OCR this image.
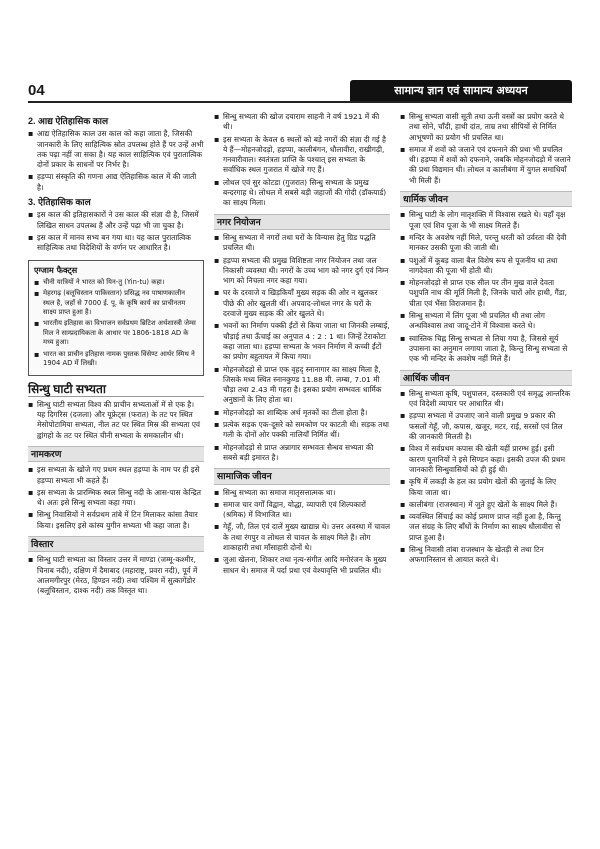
04	सामान्य ज्ञान एवं सामान्य अध्ययन
2. आद्य ऐतिहासिक काल
▪ आद्य ऐतिहासिक काल उस काल को कहा जाता है, जिसकी जानकारी के लिए साहित्यिक स्रोत उपलब्ध होते हैं पर उन्हें अभी तक पढ़ा नहीं जा सका है। यह काल साहित्यिक एवं पुरातात्विक दोनों प्रकार के साधनों पर निर्भर है।
▪ हड़प्पा संस्कृति की गणना आद्य ऐतिहासिक काल में की जाती है।
3. ऐतिहासिक काल
▪ इस काल की इतिहासकारों ने उस काल की संज्ञा दी है, जिसमें लिखित साधन उपलब्ध हैं और उन्हें पढ़ा भी जा चुका है।
▪ इस काल में मानव सभ्य बन गया था। यह काल पुरातात्विक साहित्यिक तथा विदेशियों के वर्णन पर आधारित है।
एग्जाम फैक्ट्स
▪ चीनी यात्रियों ने भारत को यिन-तु (Yin-tu) कहा।
▪ मेहरगढ़ (बलूचिस्तान पाकिस्तान) प्रसिद्ध नव पाषाणकालीन स्थल है, जहाँ से 7000 ई. पू. के कृषि कार्य का प्राचीनतम साक्ष्य प्राप्त हुआ है।
▪ भारतीय इतिहास का विभाजन सर्वप्रथम ब्रिटिश अर्थशास्त्री जेम्स मिल ने साम्प्रदायिकता के आधार पर 1806-1818 AD के मध्य हुआ।
▪ भारत का प्राचीन इतिहास नामक पुस्तक विंसेण्ट आर्थर स्मिथ ने 1904 AD में लिखी।
सिन्धु घाटी सभ्यता
▪ सिन्धु घाटी सभ्यता विश्व की प्राचीन सभ्यताओं में से एक है। यह दिगरिस (दजला) और यूफ्रेट्स (फरात) के तट पर स्थित मेसोपोटामिया सभ्यता, नील तट पर स्थित मिस्र की सभ्यता एवं ह्वांगहो के तट पर स्थित चीनी सभ्यता के समकालीन थी।
नामकरण
▪ इस सभ्यता के खोजे गए प्रथम स्थल हड़प्पा के नाम पर ही इसे हड़प्पा सभ्यता भी कहते हैं।
▪ इस सभ्यता के प्रारम्भिक स्थल सिन्धु नदी के आस-पास केन्द्रित थे। अतः इसे सिन्धु सभ्यता कहा गया।
▪ सिन्धु निवासियों ने सर्वप्रथम तांबे में टिन मिलाकर कांसा तैयार किया। इसलिए इसे कांस्य युगीन सभ्यता भी कहा जाता है।
विस्तार
▪ सिन्धु घाटी सभ्यता का विस्तार उत्तर में माण्डा (जम्मू-कश्मीर, चिनाब नदी), दक्षिण में दैमाबाद (महाराष्ट्र, प्रवरा नदी), पूर्व में आलमगीरपुर (मेरठ, हिण्डन नदी) तथा पश्चिम में सुत्कागेंडोर (बलूचिस्तान, दाश्क नदी) तक विस्तृत था।
▪ सिन्धु सभ्यता की खोज दयाराम साहनी ने वर्ष 1921 में की थी।
▪ इस सभ्यता के केवल 6 स्थलों को बड़े नगरों की संज्ञा दी गई है ये हैं—मोहनजोदड़ो, हड़प्पा, कालीबंगन, धौलावीरा, राखीगढ़ी, गनवारीवाल। स्वतंत्रता प्राप्ति के पश्चात् इस सभ्यता के सर्वाधिक स्थल गुजरात में खोजे गए हैं।
▪ लोथल एवं सुर कोटडा (गुजरात) सिन्धु सभ्यता के प्रमुख बन्दरगाह थे। लोथल में सबसे बड़ी जहाजों की गोदी (डॉकयार्ड) का साक्ष्य मिला।
नगर नियोजन
▪ सिन्धु सभ्यता में नगरों तथा घरों के विन्यास हेतु ग्रिड पद्धति प्रचलित थी।
▪ हड़प्पा सभ्यता की प्रमुख विशिष्टता नगर नियोजन तथा जल निकासी व्यवस्था थी। नगरों के उच्च भाग को नगर दुर्ग एवं निम्न भाग को निचला नगर कहा गया।
▪ घर के दरवाजे व खिड़कियाँ मुख्य सड़क की ओर न खुलकर पीछे की ओर खुलती थीं। अपवाद-लोथल नगर के घरों के दरवाजे मुख्य सड़क की ओर खुलते थे।
▪ भवनों का निर्माण पक्की ईंटों से किया जाता था जिनकी लम्बाई, चौड़ाई तथा ऊँचाई का अनुपात 4 : 2 : 1 था। जिन्हें टेराकोटा कहा जाता था। हड़प्पा सभ्यता के भवन निर्माण में कच्ची ईंटों का प्रयोग बहुतायत में किया गया।
▪ मोहनजोदड़ो से प्राप्त एक वृहद् स्नानागार का साक्ष्य मिला है, जिसके मध्य स्थित स्नानकुण्ड 11.88 मी. लम्बा, 7.01 मी चौड़ा तथा 2.43 मी गहरा है। इसका प्रयोग सम्भवतः धार्मिक अनुष्ठानों के लिए होता था।
▪ मोहनजोदड़ो का शाब्दिक अर्थ मृतकों का टीला होता है।
▪ प्रत्येक सड़क एक-दूसरे को समकोण पर काटती थी। सड़क तथा गली के दोनों ओर पक्की नालियाँ निर्मित थीं।
▪ मोहनजोदड़ो से प्राप्त अन्नागार सम्भवतः सैन्धव सभ्यता की सबसे बड़ी इमारत है।
सामाजिक जीवन
▪ सिन्धु सभ्यता का समाज मातृसत्तात्मक था।
▪ समाज चार वर्गों विद्वान, योद्धा, व्यापारी एवं शिल्पकारों (श्रमिक) में विभाजित था।
▪ गेहूँ, जौ, तिल एवं दालें मुख्य खाद्यान्न थे। उत्तर अवस्था में चावल के तथा रंगपुर व लोथल से चावल के साक्ष्य मिले हैं। लोग शाकाहारी तथा माँसाहारी दोनों थे।
▪ जुआ खेलना, शिकार तथा नृत्य-संगीत आदि मनोरंजन के मुख्य साधन थे। समाज में पर्दा प्रथा एवं वेश्यावृत्ति भी प्रचलित थी।
▪ सिन्धु सभ्यता वासी सूती तथा ऊनी वस्त्रों का प्रयोग करते थे तथा सोने, चाँदी, हाथी दांत, ताम्र तथा सीपियों से निर्मित आभूषणों का प्रयोग भी प्रचलित था।
▪ समाज में शवों को जलाने एवं दफनाने की प्रथा भी प्रचलित थी। हड़प्पा में शवों को दफनाने, जबकि मोहनजोदड़ो में जलाने की प्रथा विद्यमान थी। लोथल व कालीबंगा में युगल समाधियाँ भी मिली हैं।
धार्मिक जीवन
▪ सिन्धु घाटी के लोग मातृशक्ति में विश्वास रखते थे। यहाँ वृक्ष पूजा एवं शिव पूजा के भी साक्ष्य मिलते हैं।
▪ मन्दिर के अवशेष नहीं मिले, परन्तु धरती को उर्वरता की देवी मानकर उसकी पूजा की जाती थी।
▪ पशुओं में कूबड़ वाला बैल विशेष रूप से पूजनीय था तथा नागदेवता की पूजा भी होती थी।
▪ मोहनजोदड़ो से प्राप्त एक सील पर तीन मुख वाले देवता पशुपति नाथ की मूर्ति मिली है, जिनके चारों ओर हाथी, गैंडा, चीता एवं भैंसा विराजमान हैं।
▪ सिन्धु सभ्यता में लिंग पूजा भी प्रचलित थी तथा लोग अन्धविश्वास तथा जादू-टोने में विश्वास करते थे।
▪ स्वास्तिक चिह्न सिन्धु सभ्यता से लिया गया है, जिससे सूर्य उपासना का अनुमान लगाया जाता है, किन्तु सिन्धु सभ्यता से एक भी मन्दिर के अवशेष नहीं मिले हैं।
आर्थिक जीवन
▪ सिन्धु सभ्यता कृषि, पशुपालन, दस्तकारी एवं समृद्ध आन्तरिक एवं विदेशी व्यापार पर आधारित थी।
▪ हड़प्पा सभ्यता में उपजाए जाने वाली प्रमुख 9 प्रकार की फसलों गेहूँ, जौ, कपास, खजूर, मटर, राई, सरसों एवं तिल की जानकारी मिलती है।
▪ विश्व में सर्वप्रथम कपास की खेती यहीं प्रारम्भ हुई। इसी कारण यूनानियों ने इसे सिण्डन कहा। इसकी उपज की प्रथम जानकारी सिन्धुवासियों को ही हुई थी।
▪ कृषि में लकड़ी के हल का प्रयोग खेतों की जुताई के लिए किया जाता था।
▪ कालीबंगा (राजस्थान) में जुते हुए खेतों के साक्ष्य मिले हैं।
▪ व्यवस्थित सिंचाई का कोई प्रमाण प्राप्त नहीं हुआ है, किन्तु जल संग्रह के लिए बाँधों के निर्माण का साक्ष्य धौलावीरा से प्राप्त हुआ है।
▪ सिन्धु निवासी तांबा राजस्थान के खेतड़ी से तथा टिन अफगानिस्तान से आयात करते थे।
